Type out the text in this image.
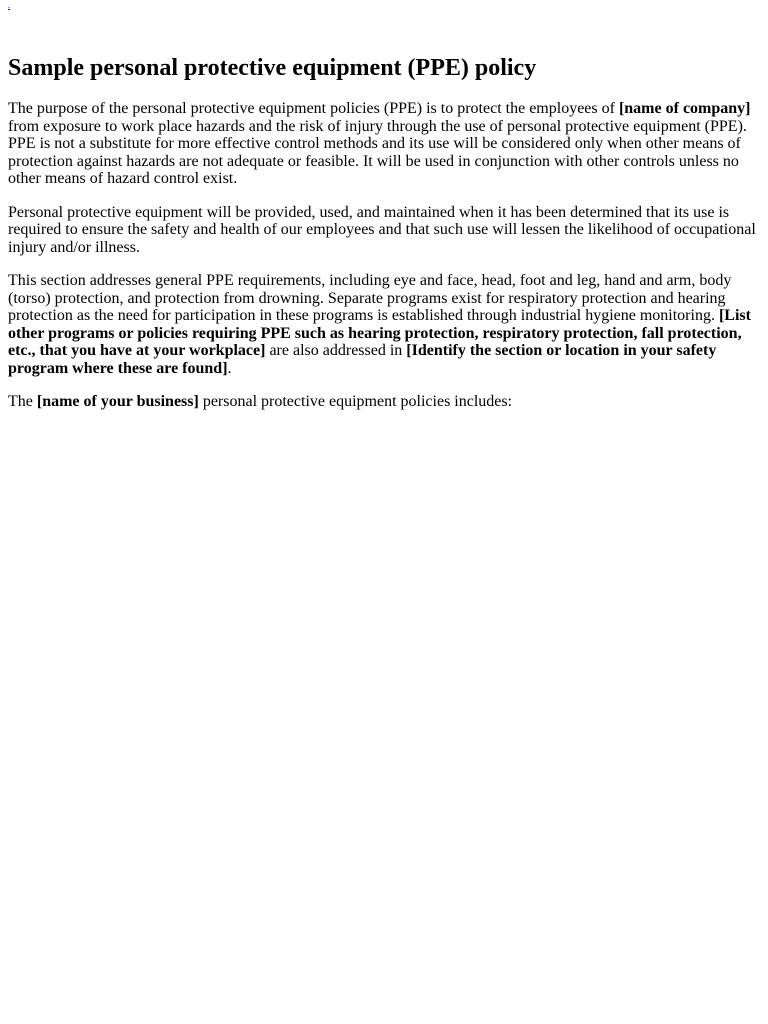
.
Sample personal protective equipment (PPE) policy

The purpose of the personal protective equipment policies (PPE) is to protect the employees of [name of company] from exposure to work place hazards and the risk of injury through the use of personal protective equipment (PPE). PPE is not a substitute for more effective control methods and its use will be considered only when other means of protection against hazards are not adequate or feasible. It will be used in conjunction with other controls unless no other means of hazard control exist.

Personal protective equipment will be provided, used, and maintained when it has been determined that its use is required to ensure the safety and health of our employees and that such use will lessen the likelihood of occupational injury and/or illness.

This section addresses general PPE requirements, including eye and face, head, foot and leg, hand and arm, body (torso) protection, and protection from drowning. Separate programs exist for respiratory protection and hearing protection as the need for participation in these programs is established through industrial hygiene monitoring. [List other programs or policies requiring PPE such as hearing protection, respiratory protection, fall protection, etc., that you have at your workplace] are also addressed in [Identify the section or location in your safety program where these are found].

The [name of your business] personal protective equipment policies includes:
